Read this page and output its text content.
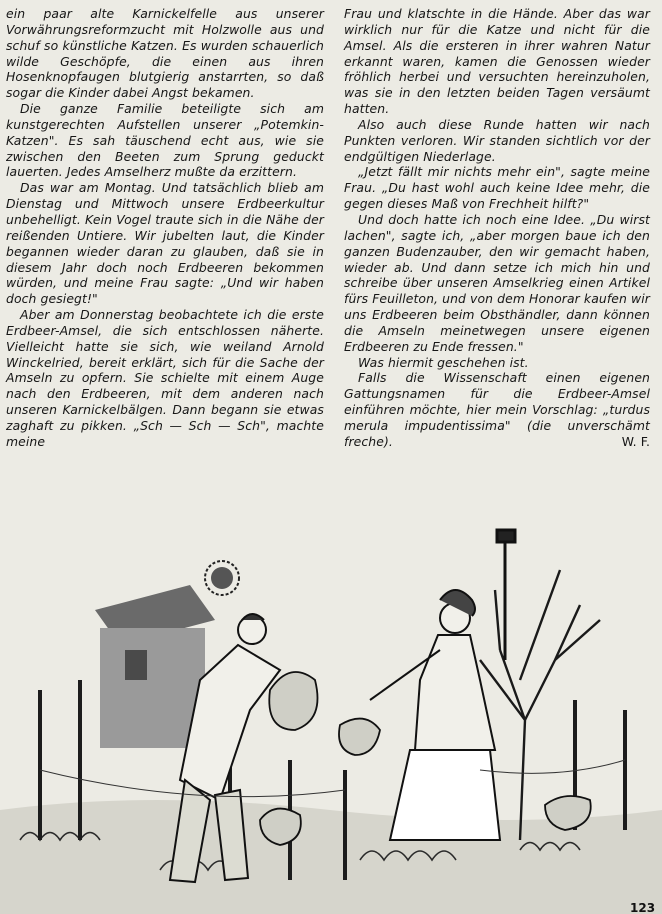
ein paar alte Karnickelfelle aus unserer Vorwährungsreformzucht mit Holzwolle aus und schuf so künstliche Katzen. Es wurden schauerlich wilde Geschöpfe, die einen aus ihren Hosenknopfaugen blutgierig anstarrten, so daß sogar die Kinder dabei Angst bekamen.

Die ganze Familie beteiligte sich am kunstgerechten Aufstellen unserer „Potemkin-Katzen". Es sah täuschend echt aus, wie sie zwischen den Beeten zum Sprung geduckt lauerten. Jedes Amselherz mußte da erzittern.

Das war am Montag. Und tatsächlich blieb am Dienstag und Mittwoch unsere Erdbeerkultur unbehelligt. Kein Vogel traute sich in die Nähe der reißenden Untiere. Wir jubelten laut, die Kinder begannen wieder daran zu glauben, daß sie in diesem Jahr doch noch Erdbeeren bekommen würden, und meine Frau sagte: „Und wir haben doch gesiegt!"

Aber am Donnerstag beobachtete ich die erste Erdbeer-Amsel, die sich entschlossen näherte. Vielleicht hatte sie sich, wie weiland Arnold Winckelried, bereit erklärt, sich für die Sache der Amseln zu opfern. Sie schielte mit einem Auge nach den Erdbeeren, mit dem anderen nach unseren Karnickelbälgen. Dann begann sie etwas zaghaft zu pikken. „Sch — Sch — Sch", machte meine

Frau und klatschte in die Hände. Aber das war wirklich nur für die Katze und nicht für die Amsel. Als die ersteren in ihrer wahren Natur erkannt waren, kamen die Genossen wieder fröhlich herbei und versuchten hereinzuholen, was sie in den letzten beiden Tagen versäumt hatten.

Also auch diese Runde hatten wir nach Punkten verloren. Wir standen sichtlich vor der endgültigen Niederlage.

„Jetzt fällt mir nichts mehr ein", sagte meine Frau. „Du hast wohl auch keine Idee mehr, die gegen dieses Maß von Frechheit hilft?"

Und doch hatte ich noch eine Idee. „Du wirst lachen", sagte ich, „aber morgen baue ich den ganzen Budenzauber, den wir gemacht haben, wieder ab. Und dann setze ich mich hin und schreibe über unseren Amselkrieg einen Artikel fürs Feuilleton, und von dem Honorar kaufen wir uns Erdbeeren beim Obsthändler, dann können die Amseln meinetwegen unsere eigenen Erdbeeren zu Ende fressen."

Was hiermit geschehen ist.

Falls die Wissenschaft einen eigenen Gattungsnamen für die Erdbeer-Amsel einführen möchte, hier mein Vorschlag: „turdus merula impudentissima" (die unverschämt freche).	W. F.
123
